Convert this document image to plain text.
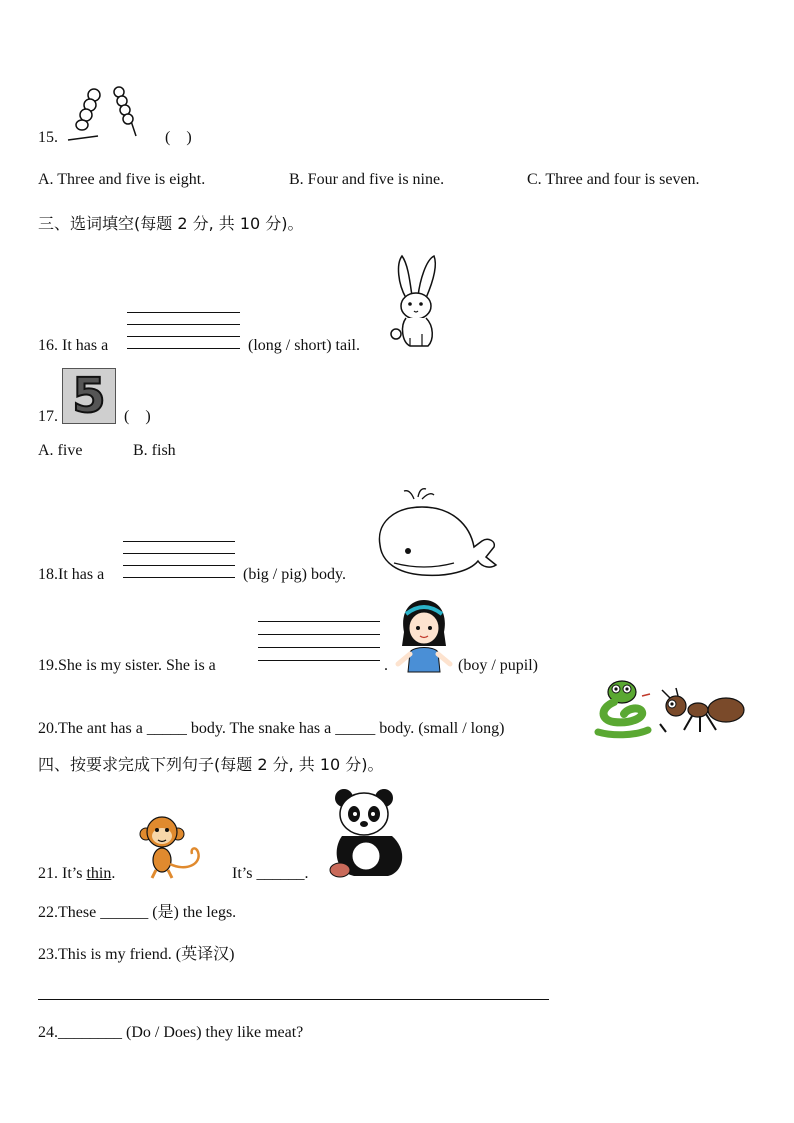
15.	(    )
A. Three and five is eight.	B. Four and five is nine.	C. Three and four is seven.
三、选词填空(每题 2 分, 共 10 分)。
16. It has a	(long / short) tail.
17. 5 (    )
A. five	B. fish
18.It has a	(big / pig) body.
19.She is my sister. She is a	.	(boy / pupil)
20.The ant has a _____ body. The snake has a _____ body. (small / long)
四、按要求完成下列句子(每题 2 分, 共 10 分)。
21. It’s thin.	It’s ______.
22.These ______ (是) the legs.
23.This is my friend. (英译汉)
24.________ (Do / Does) they like meat?
